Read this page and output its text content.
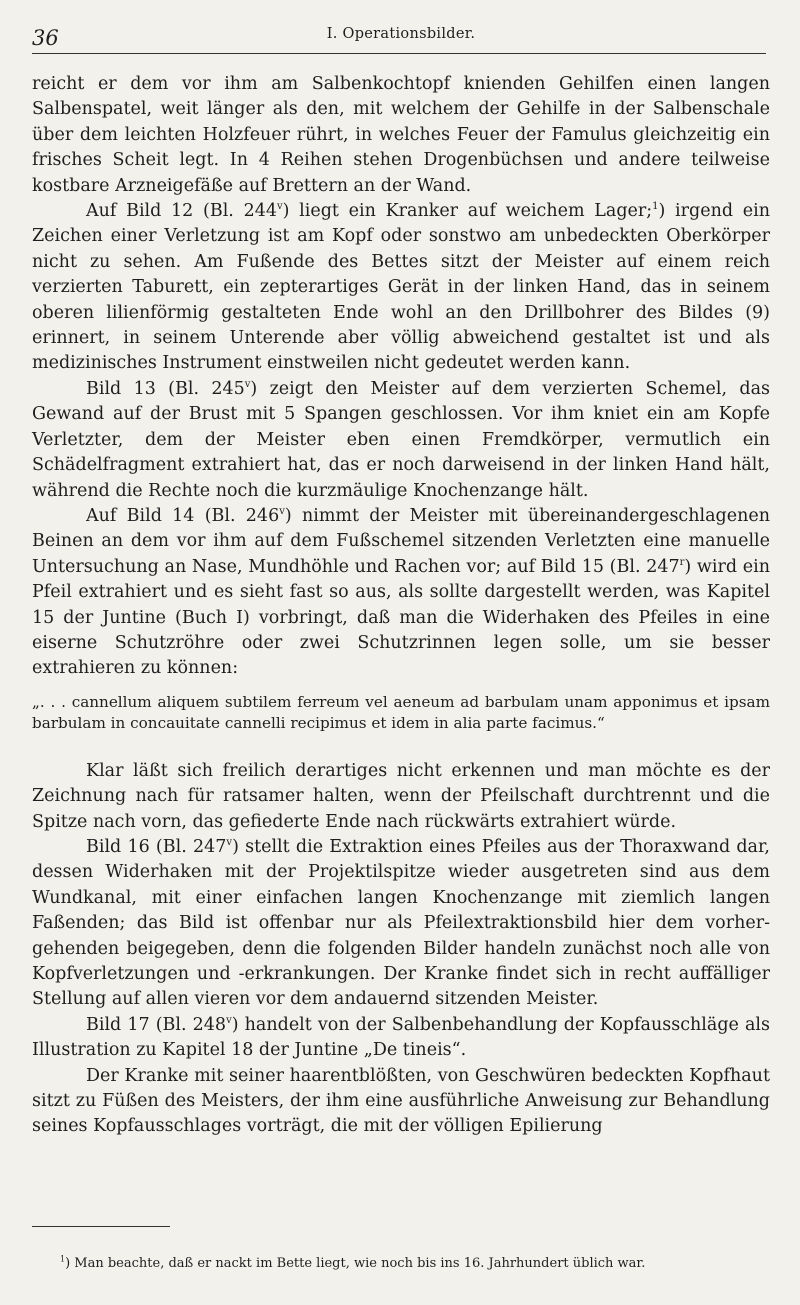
36	I. Operationsbilder.

reicht er dem vor ihm am Salbenkochtopf knienden Gehilfen einen langen Salbenspatel, weit länger als den, mit welchem der Gehilfe in der Salbenschale über dem leichten Holzfeuer rührt, in welches Feuer der Famulus gleichzeitig ein frisches Scheit legt. In 4 Reihen stehen Drogenbüchsen und andere teilweise kostbare Arzneigefäße auf Brettern an der Wand.

Auf Bild 12 (Bl. 244$^v$) liegt ein Kranker auf weichem Lager;$^1$) irgend ein Zeichen einer Verletzung ist am Kopf oder sonstwo am unbedeckten Oberkörper nicht zu sehen. Am Fußende des Bettes sitzt der Meister auf einem reich verzierten Taburett, ein zepterartiges Gerät in der linken Hand, das in seinem oberen lilienförmig gestalteten Ende wohl an den Drillbohrer des Bildes (9) erinnert, in seinem Unterende aber völlig abweichend gestaltet ist und als medizinisches Instrument einstweilen nicht gedeutet werden kann.

Bild 13 (Bl. 245$^v$) zeigt den Meister auf dem verzierten Schemel, das Gewand auf der Brust mit 5 Spangen geschlossen. Vor ihm kniet ein am Kopfe Verletzter, dem der Meister eben einen Fremdkörper, vermutlich ein Schädelfragment extrahiert hat, das er noch darweisend in der linken Hand hält, während die Rechte noch die kurzmäulige Knochenzange hält.

Auf Bild 14 (Bl. 246$^v$) nimmt der Meister mit übereinandergeschlagenen Beinen an dem vor ihm auf dem Fußschemel sitzenden Verletzten eine manuelle Untersuchung an Nase, Mundhöhle und Rachen vor; auf Bild 15 (Bl. 247$^r$) wird ein Pfeil extrahiert und es sieht fast so aus, als sollte dargestellt werden, was Kapitel 15 der Juntine (Buch I) vorbringt, daß man die Widerhaken des Pfeiles in eine eiserne Schutzröhre oder zwei Schutzrinnen legen solle, um sie besser extrahieren zu können:

„. . . cannellum aliquem subtilem ferreum vel aeneum ad barbulam unam apponimus et ipsam barbulam in concauitate cannelli recipimus et idem in alia parte facimus.“

Klar läßt sich freilich derartiges nicht erkennen und man möchte es der Zeichnung nach für ratsamer halten, wenn der Pfeilschaft durchtrennt und die Spitze nach vorn, das gefiederte Ende nach rückwärts extrahiert würde.

Bild 16 (Bl. 247$^v$) stellt die Extraktion eines Pfeiles aus der Thoraxwand dar, dessen Widerhaken mit der Projektilspitze wieder ausgetreten sind aus dem Wundkanal, mit einer einfachen langen Knochenzange mit ziemlich langen Faßenden; das Bild ist offenbar nur als Pfeilextraktionsbild hier dem vorhergehenden beigegeben, denn die folgenden Bilder handeln zunächst noch alle von Kopfverletzungen und -erkrankungen. Der Kranke findet sich in recht auffälliger Stellung auf allen vieren vor dem andauernd sitzenden Meister.

Bild 17 (Bl. 248$^v$) handelt von der Salbenbehandlung der Kopfausschläge als Illustration zu Kapitel 18 der Juntine „De tineis“.

Der Kranke mit seiner haarentblößten, von Geschwüren bedeckten Kopfhaut sitzt zu Füßen des Meisters, der ihm eine ausführliche Anweisung zur Behandlung seines Kopfausschlages vorträgt, die mit der völligen Epilierung

$^1$) Man beachte, daß er nackt im Bette liegt, wie noch bis ins 16. Jahrhundert üblich war.
